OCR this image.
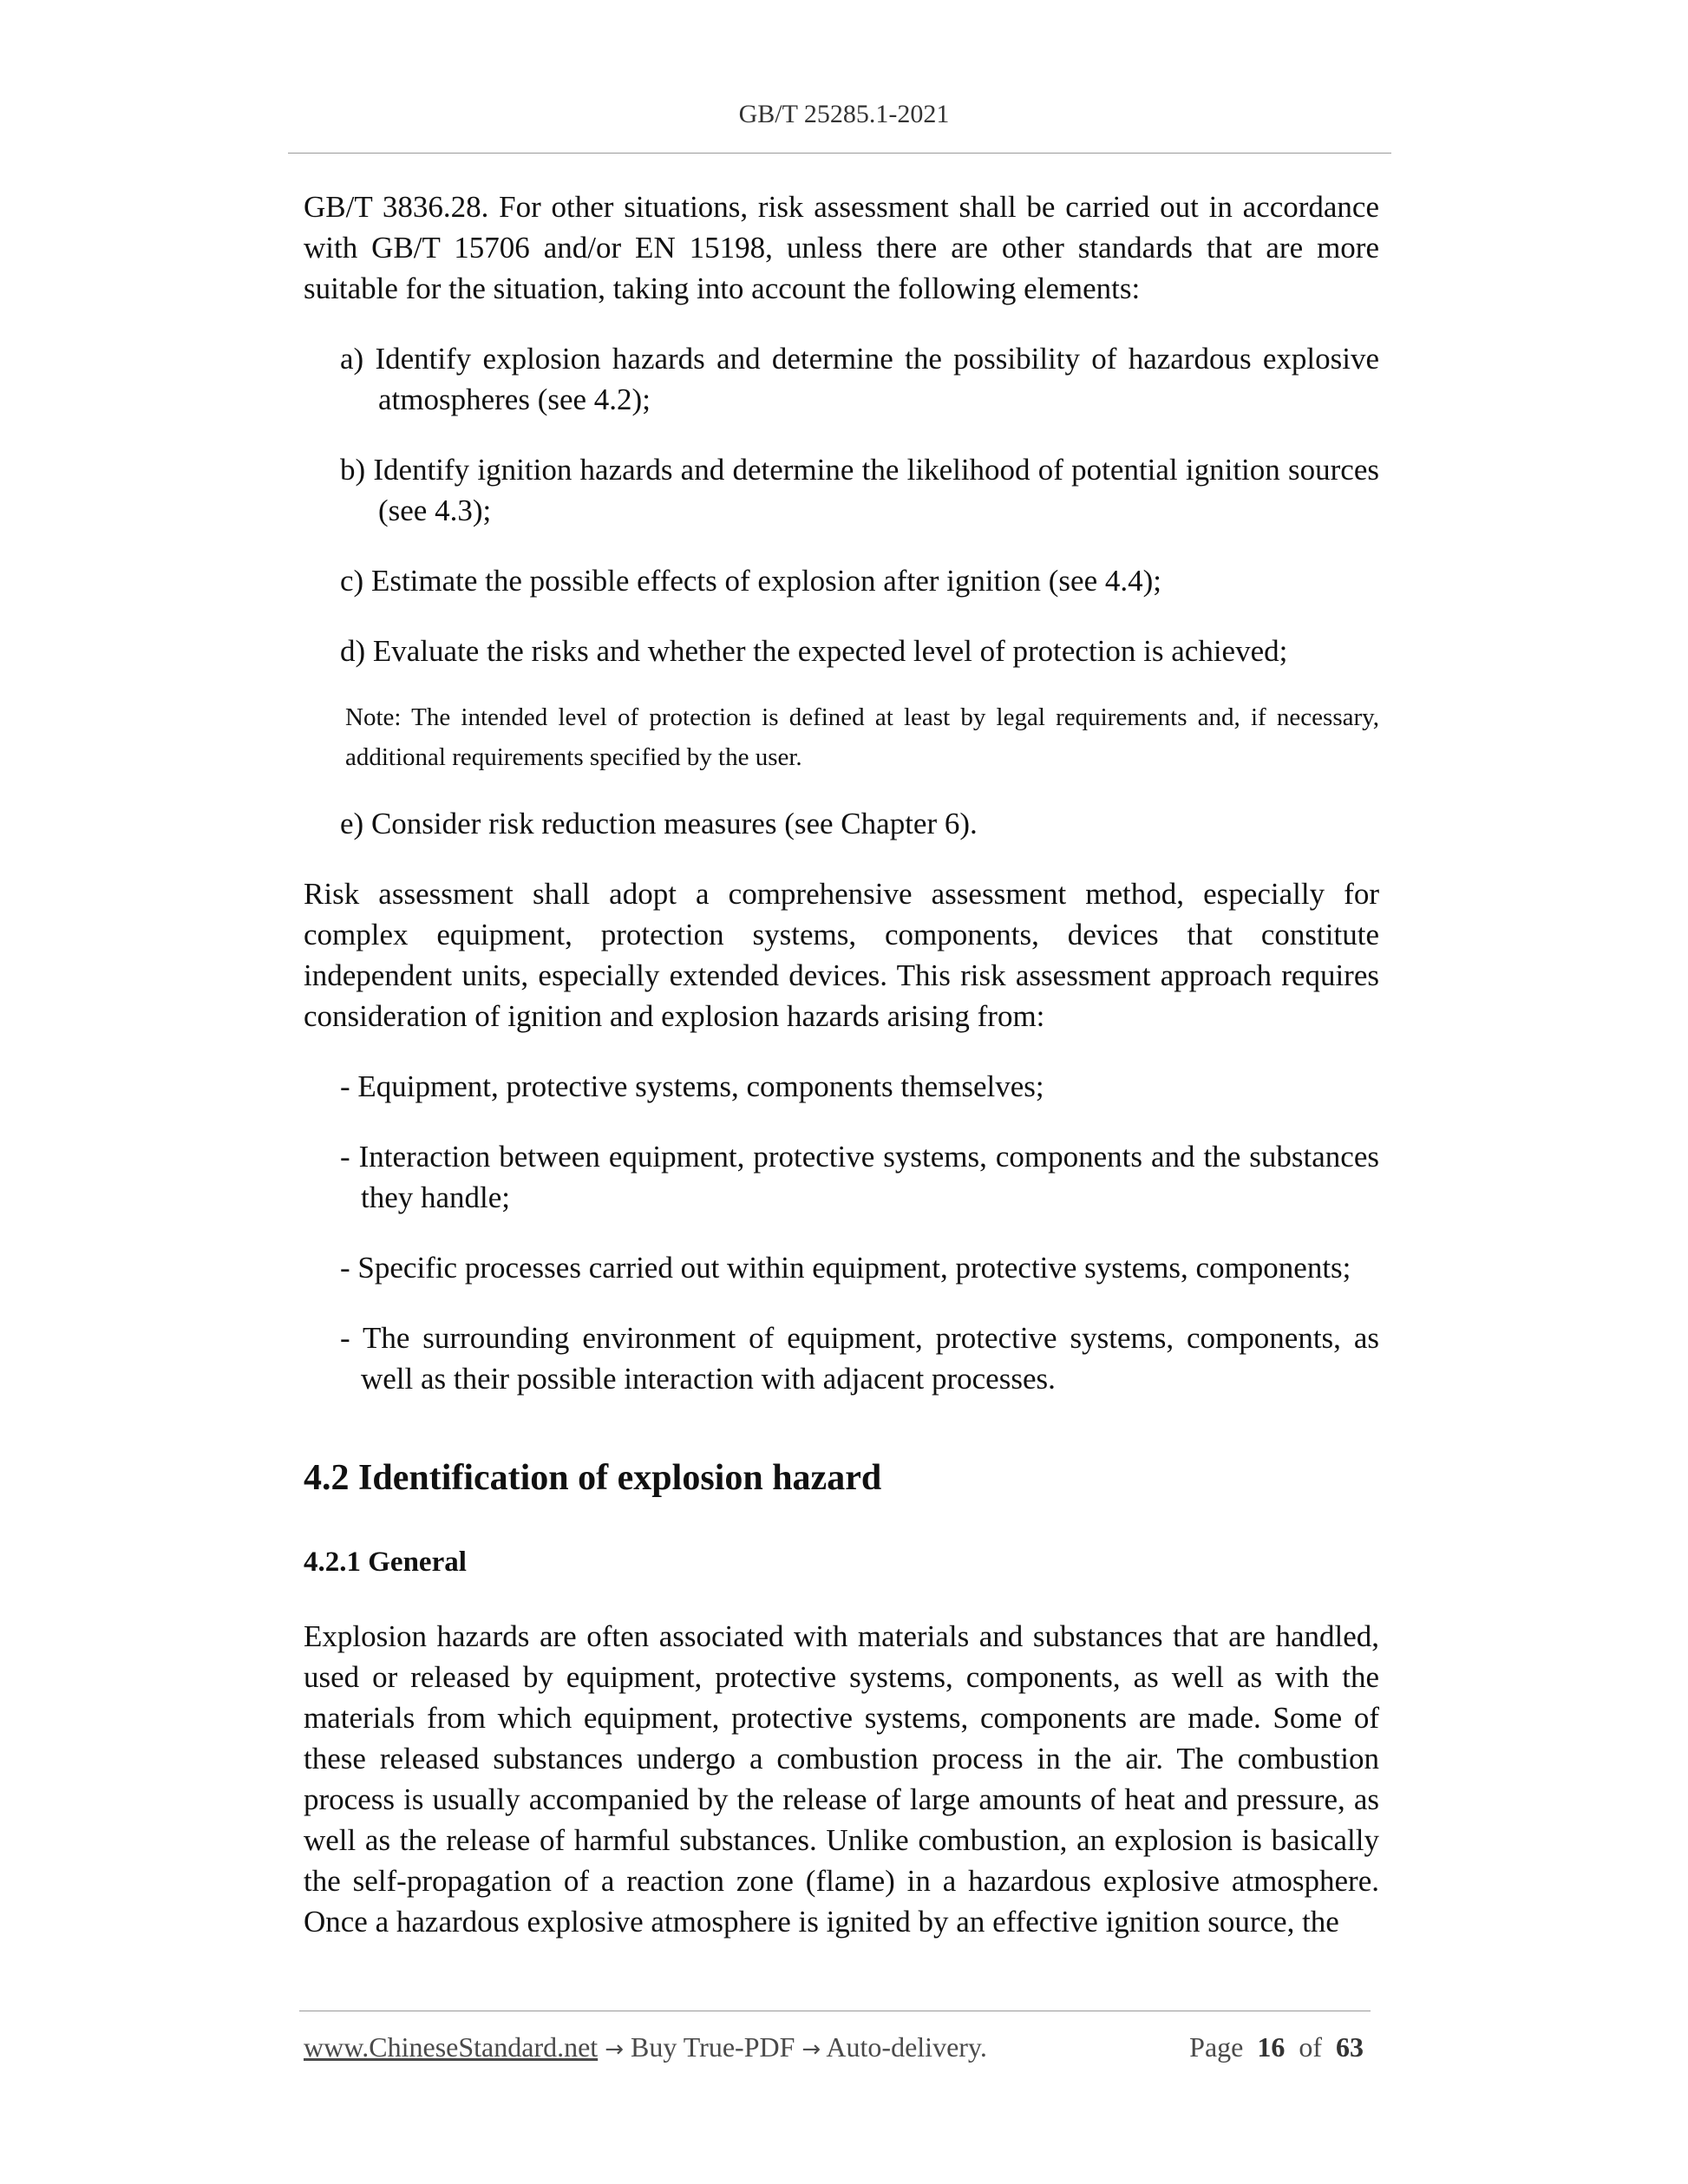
GB/T 25285.1-2021

GB/T 3836.28. For other situations, risk assessment shall be carried out in accordance with GB/T 15706 and/or EN 15198, unless there are other standards that are more suitable for the situation, taking into account the following elements:

a) Identify explosion hazards and determine the possibility of hazardous explosive atmospheres (see 4.2);

b) Identify ignition hazards and determine the likelihood of potential ignition sources (see 4.3);

c) Estimate the possible effects of explosion after ignition (see 4.4);

d) Evaluate the risks and whether the expected level of protection is achieved;

Note: The intended level of protection is defined at least by legal requirements and, if necessary, additional requirements specified by the user.

e) Consider risk reduction measures (see Chapter 6).

Risk assessment shall adopt a comprehensive assessment method, especially for complex equipment, protection systems, components, devices that constitute independent units, especially extended devices. This risk assessment approach requires consideration of ignition and explosion hazards arising from:

- Equipment, protective systems, components themselves;

- Interaction between equipment, protective systems, components and the substances they handle;

- Specific processes carried out within equipment, protective systems, components;

- The surrounding environment of equipment, protective systems, components, as well as their possible interaction with adjacent processes.

4.2 Identification of explosion hazard
4.2.1 General

Explosion hazards are often associated with materials and substances that are handled, used or released by equipment, protective systems, components, as well as with the materials from which equipment, protective systems, components are made. Some of these released substances undergo a combustion process in the air. The combustion process is usually accompanied by the release of large amounts of heat and pressure, as well as the release of harmful substances. Unlike combustion, an explosion is basically the self-propagation of a reaction zone (flame) in a hazardous explosive atmosphere. Once a hazardous explosive atmosphere is ignited by an effective ignition source, the

www.ChineseStandard.net → Buy True-PDF → Auto-delivery.	Page 16 of 63
